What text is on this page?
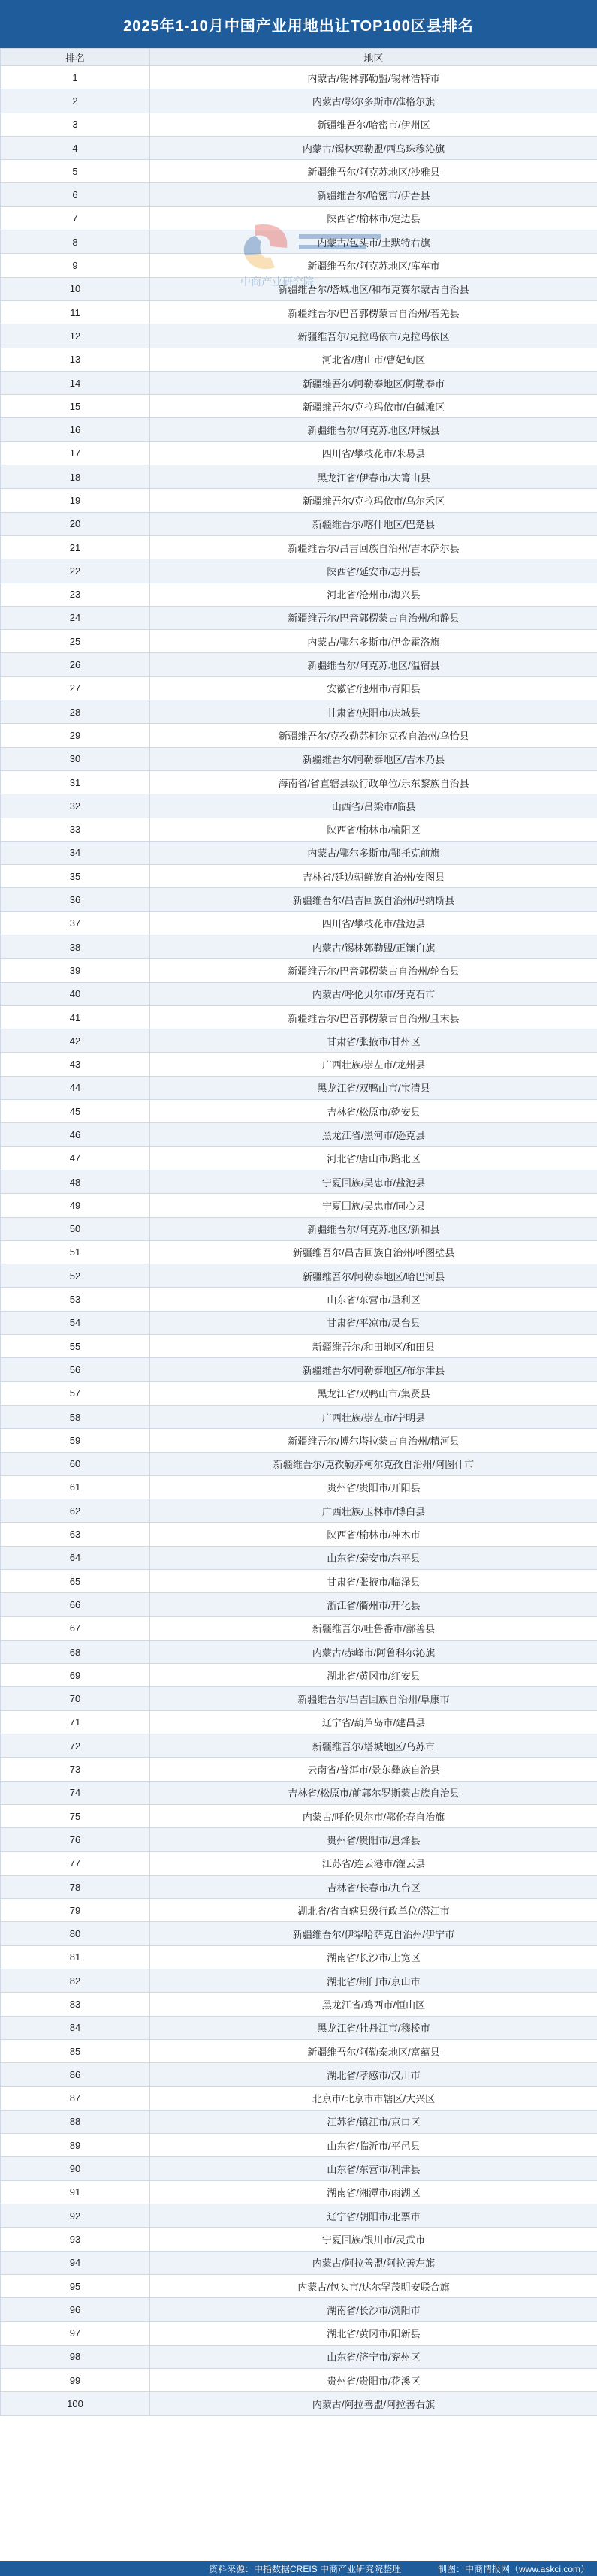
2025年1-10月中国产业用地出让TOP100区县排名
排名	地区
1	内蒙古/锡林郭勒盟/锡林浩特市
2	内蒙古/鄂尔多斯市/准格尔旗
3	新疆维吾尔/哈密市/伊州区
4	内蒙古/锡林郭勒盟/西乌珠穆沁旗
5	新疆维吾尔/阿克苏地区/沙雅县
6	新疆维吾尔/哈密市/伊吾县
7	陕西省/榆林市/定边县
8	内蒙古/包头市/土默特右旗
9	新疆维吾尔/阿克苏地区/库车市
10	新疆维吾尔/塔城地区/和布克赛尔蒙古自治县
11	新疆维吾尔/巴音郭楞蒙古自治州/若羌县
12	新疆维吾尔/克拉玛依市/克拉玛依区
13	河北省/唐山市/曹妃甸区
14	新疆维吾尔/阿勒泰地区/阿勒泰市
15	新疆维吾尔/克拉玛依市/白碱滩区
16	新疆维吾尔/阿克苏地区/拜城县
17	四川省/攀枝花市/米易县
18	黑龙江省/伊春市/大箐山县
19	新疆维吾尔/克拉玛依市/乌尔禾区
20	新疆维吾尔/喀什地区/巴楚县
21	新疆维吾尔/昌吉回族自治州/吉木萨尔县
22	陕西省/延安市/志丹县
23	河北省/沧州市/海兴县
24	新疆维吾尔/巴音郭楞蒙古自治州/和静县
25	内蒙古/鄂尔多斯市/伊金霍洛旗
26	新疆维吾尔/阿克苏地区/温宿县
27	安徽省/池州市/青阳县
28	甘肃省/庆阳市/庆城县
29	新疆维吾尔/克孜勒苏柯尔克孜自治州/乌恰县
30	新疆维吾尔/阿勒泰地区/吉木乃县
31	海南省/省直辖县级行政单位/乐东黎族自治县
32	山西省/吕梁市/临县
33	陕西省/榆林市/榆阳区
34	内蒙古/鄂尔多斯市/鄂托克前旗
35	吉林省/延边朝鲜族自治州/安图县
36	新疆维吾尔/昌吉回族自治州/玛纳斯县
37	四川省/攀枝花市/盐边县
38	内蒙古/锡林郭勒盟/正镶白旗
39	新疆维吾尔/巴音郭楞蒙古自治州/轮台县
40	内蒙古/呼伦贝尔市/牙克石市
41	新疆维吾尔/巴音郭楞蒙古自治州/且末县
42	甘肃省/张掖市/甘州区
43	广西壮族/崇左市/龙州县
44	黑龙江省/双鸭山市/宝清县
45	吉林省/松原市/乾安县
46	黑龙江省/黑河市/逊克县
47	河北省/唐山市/路北区
48	宁夏回族/吴忠市/盐池县
49	宁夏回族/吴忠市/同心县
50	新疆维吾尔/阿克苏地区/新和县
51	新疆维吾尔/昌吉回族自治州/呼图壁县
52	新疆维吾尔/阿勒泰地区/哈巴河县
53	山东省/东营市/垦利区
54	甘肃省/平凉市/灵台县
55	新疆维吾尔/和田地区/和田县
56	新疆维吾尔/阿勒泰地区/布尔津县
57	黑龙江省/双鸭山市/集贤县
58	广西壮族/崇左市/宁明县
59	新疆维吾尔/博尔塔拉蒙古自治州/精河县
60	新疆维吾尔/克孜勒苏柯尔克孜自治州/阿图什市
61	贵州省/贵阳市/开阳县
62	广西壮族/玉林市/博白县
63	陕西省/榆林市/神木市
64	山东省/泰安市/东平县
65	甘肃省/张掖市/临泽县
66	浙江省/衢州市/开化县
67	新疆维吾尔/吐鲁番市/鄯善县
68	内蒙古/赤峰市/阿鲁科尔沁旗
69	湖北省/黄冈市/红安县
70	新疆维吾尔/昌吉回族自治州/阜康市
71	辽宁省/葫芦岛市/建昌县
72	新疆维吾尔/塔城地区/乌苏市
73	云南省/普洱市/景东彝族自治县
74	吉林省/松原市/前郭尔罗斯蒙古族自治县
75	内蒙古/呼伦贝尔市/鄂伦春自治旗
76	贵州省/贵阳市/息烽县
77	江苏省/连云港市/灌云县
78	吉林省/长春市/九台区
79	湖北省/省直辖县级行政单位/潜江市
80	新疆维吾尔/伊犁哈萨克自治州/伊宁市
81	湖南省/长沙市/上宽区
82	湖北省/荆门市/京山市
83	黑龙江省/鸡西市/恒山区
84	黑龙江省/牡丹江市/穆棱市
85	新疆维吾尔/阿勒泰地区/富蕴县
86	湖北省/孝感市/汉川市
87	北京市/北京市市辖区/大兴区
88	江苏省/镇江市/京口区
89	山东省/临沂市/平邑县
90	山东省/东营市/利津县
91	湖南省/湘潭市/雨湖区
92	辽宁省/朝阳市/北票市
93	宁夏回族/银川市/灵武市
94	内蒙古/阿拉善盟/阿拉善左旗
95	内蒙古/包头市/达尔罕茂明安联合旗
96	湖南省/长沙市/浏阳市
97	湖北省/黄冈市/阳新县
98	山东省/济宁市/兖州区
99	贵州省/贵阳市/花溪区
100	内蒙古/阿拉善盟/阿拉善右旗
中商产业研究院
资料来源：中指数据CREIS 中商产业研究院整理	制图：中商情报网（www.askci.com）
